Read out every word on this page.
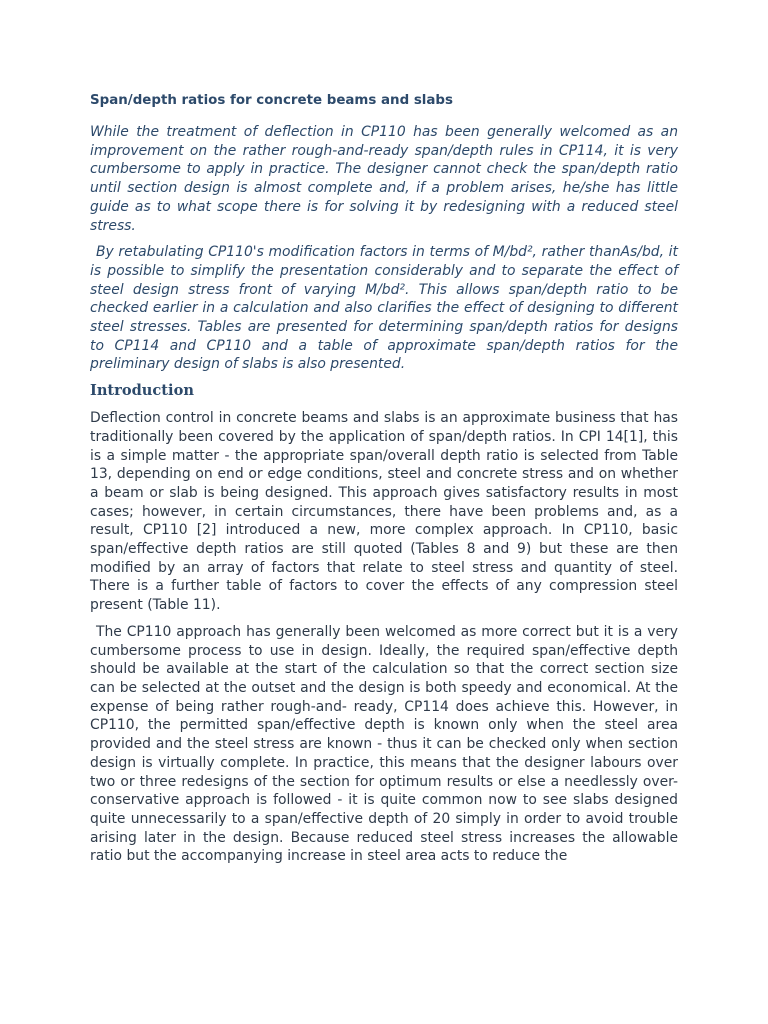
Span/depth ratios for concrete beams and slabs

While the treatment of deflection in CP110 has been generally welcomed as an improvement on the rather rough-and-ready span/depth rules in CP114, it is very cumbersome to apply in practice. The designer cannot check the span/depth ratio until section design is almost complete and, if a problem arises, he/she has little guide as to what scope there is for solving it by redesigning with a reduced steel stress.

By retabulating CP110's modification factors in terms of M/bd², rather thanAs/bd, it is possible to simplify the presentation considerably and to separate the effect of steel design stress front of varying M/bd². This allows span/depth ratio to be checked earlier in a calculation and also clarifies the effect of designing to different steel stresses. Tables are presented for determining span/depth ratios for designs to CP114 and CP110 and a table of approximate span/depth ratios for the preliminary design of slabs is also presented.

Introduction

Deflection control in concrete beams and slabs is an approximate business that has traditionally been covered by the application of span/depth ratios. In CPI 14[1], this is a simple matter - the appropriate span/overall depth ratio is selected from Table 13, depending on end or edge conditions, steel and concrete stress and on whether a beam or slab is being designed. This approach gives satisfactory results in most cases; however, in certain circumstances, there have been problems and, as a result, CP110 [2] introduced a new, more complex approach. In CP110, basic span/effective depth ratios are still quoted (Tables 8 and 9) but these are then modified by an array of factors that relate to steel stress and quantity of steel. There is a further table of factors to cover the effects of any compression steel present (Table 11).

The CP110 approach has generally been welcomed as more correct but it is a very cumbersome process to use in design. Ideally, the required span/effective depth should be available at the start of the calculation so that the correct section size can be selected at the outset and the design is both speedy and economical. At the expense of being rather rough-and- ready, CP114 does achieve this. However, in CP110, the permitted span/effective depth is known only when the steel area provided and the steel stress are known - thus it can be checked only when section design is virtually complete. In practice, this means that the designer labours over two or three redesigns of the section for optimum results or else a needlessly over-conservative approach is followed - it is quite common now to see slabs designed quite unnecessarily to a span/effective depth of 20 simply in order to avoid trouble arising later in the design. Because reduced steel stress increases the allowable ratio but the accompanying increase in steel area acts to reduce the
